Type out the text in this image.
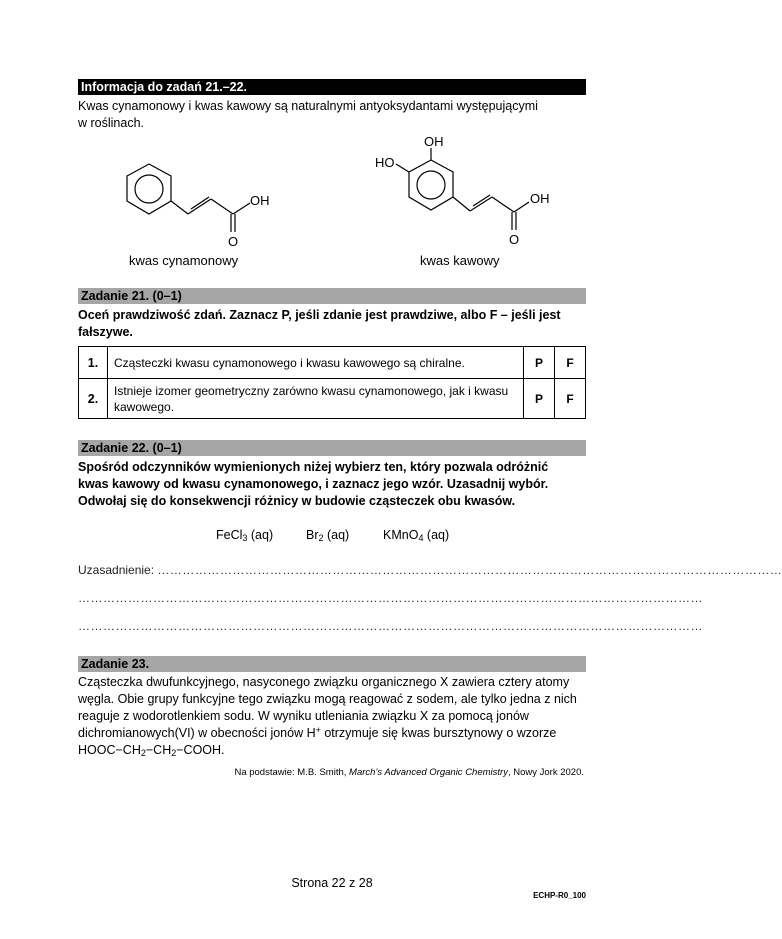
Informacja do zadań 21.–22.
Kwas cynamonowy i kwas kawowy są naturalnymi antyoksydantami występującymi
w roślinach.
OH
O
OH
HO
OH
O
kwas cynamonowy	kwas kawowy
Zadanie 21. (0–1)
Oceń prawdziwość zdań. Zaznacz P, jeśli zdanie jest prawdziwe, albo F – jeśli jest
fałszywe.
1.	Cząsteczki kwasu cynamonowego i kwasu kawowego są chiralne.	P	F
2.	Istnieje izomer geometryczny zarówno kwasu cynamonowego, jak i kwasu kawowego.	P	F
Zadanie 22. (0–1)
Spośród odczynników wymienionych niżej wybierz ten, który pozwala odróżnić
kwas kawowy od kwasu cynamonowego, i zaznacz jego wzór. Uzasadnij wybór.
Odwołaj się do konsekwencji różnicy w budowie cząsteczek obu kwasów.
FeCl$_3$ (aq)	$Br_2$ (aq)	KMnO$_4$ (aq)
Uzasadnienie: ……………………………………………………………………………………………………………………………………
……………………………………………………………………………………………………………………………………
……………………………………………………………………………………………………………………………………
Zadanie 23.
Cząsteczka dwufunkcyjnego, nasyconego związku organicznego X zawiera cztery atomy
węgla. Obie grupy funkcyjne tego związku mogą reagować z sodem, ale tylko jedna z nich
reaguje z wodorotlenkiem sodu. W wyniku utleniania związku X za pomocą jonów
dichromianowych(VI) w obecności jonów H+ otrzymuje się kwas bursztynowy o wzorze
$HOOC-CH_2-CH_2-COOH$.
Na podstawie: M.B. Smith, March’s Advanced Organic Chemistry, Nowy Jork 2020.
Strona 22 z 28
ECHP-R0_100
